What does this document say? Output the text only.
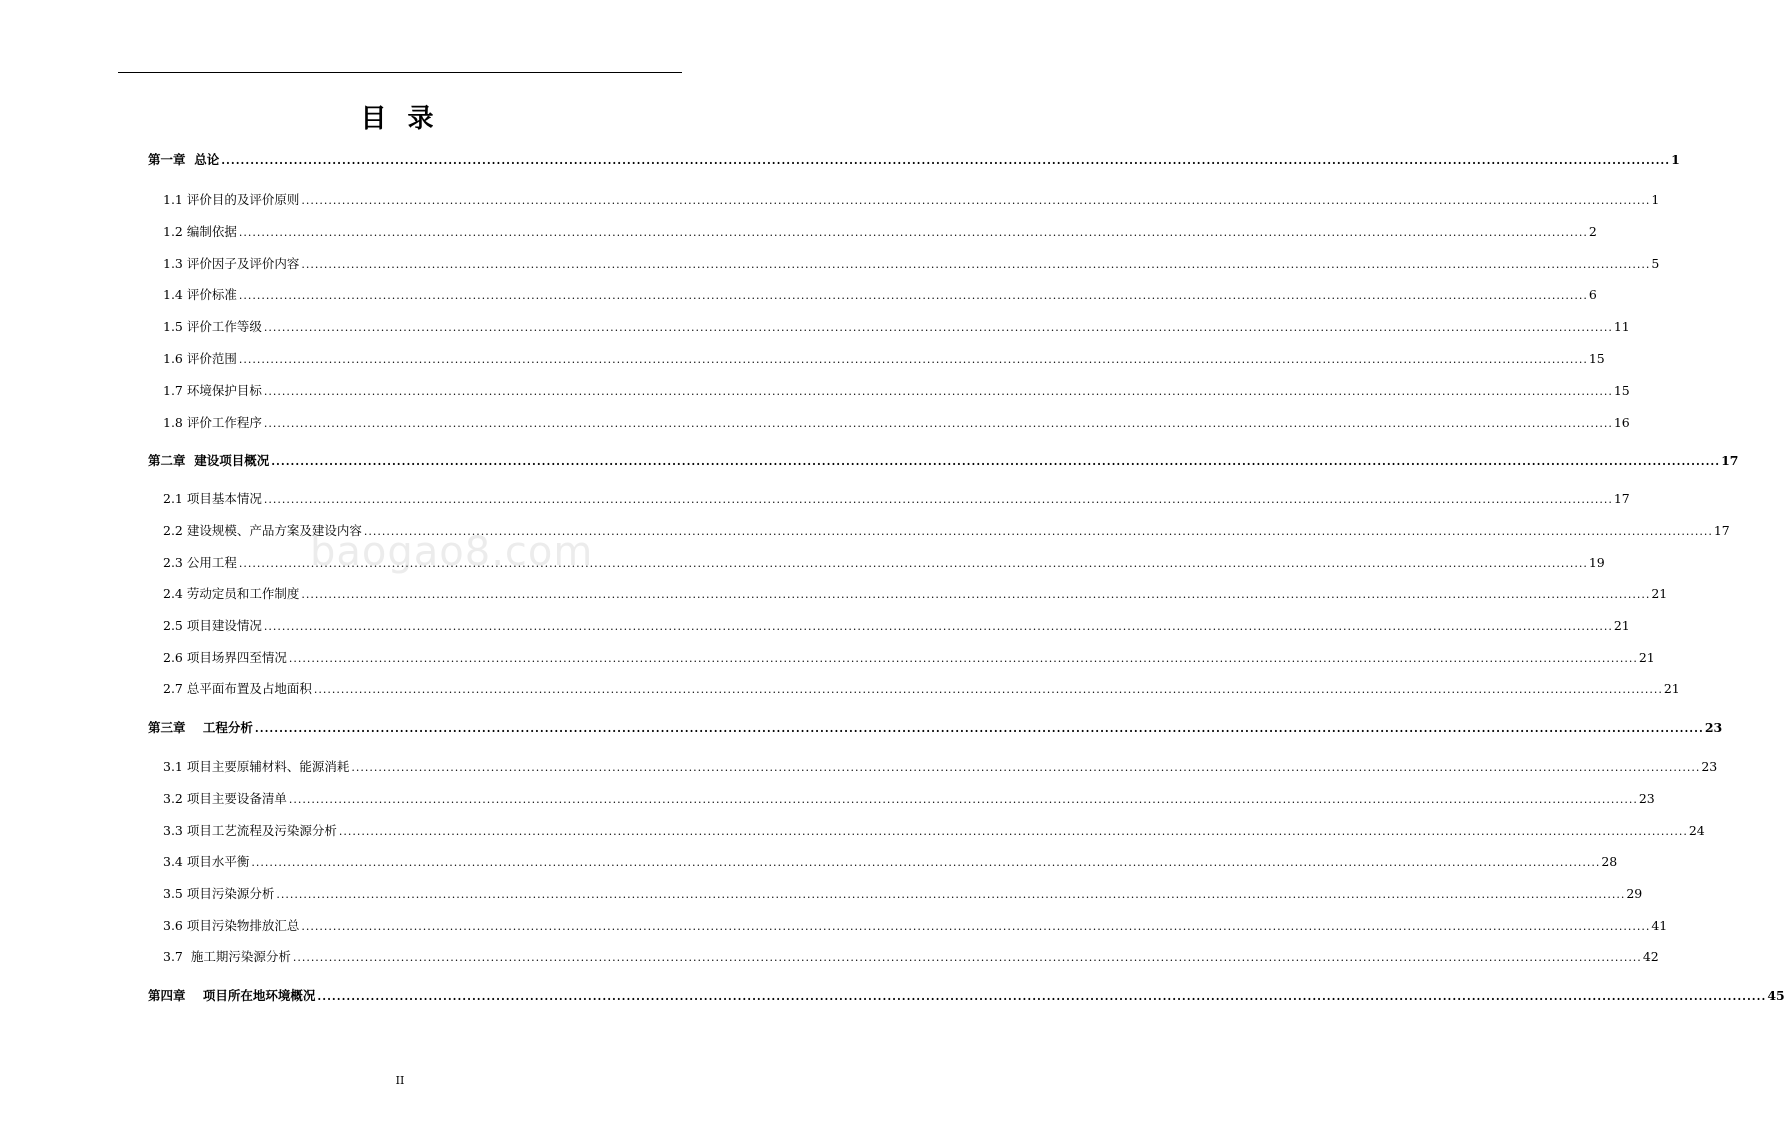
目 录
第一章  总论 ............................................................................................................................................................................................................................................................................................................ 1
1.1 评价目的及评价原则 ............................................................................................................................................................................................................................................................................................................ 1
1.2 编制依据 ............................................................................................................................................................................................................................................................................................................ 2
1.3 评价因子及评价内容 ............................................................................................................................................................................................................................................................................................................ 5
1.4 评价标准 ............................................................................................................................................................................................................................................................................................................ 6
1.5 评价工作等级 ............................................................................................................................................................................................................................................................................................................ 11
1.6 评价范围 ............................................................................................................................................................................................................................................................................................................ 15
1.7 环境保护目标 ............................................................................................................................................................................................................................................................................................................ 15
1.8 评价工作程序 ............................................................................................................................................................................................................................................................................................................ 16
第二章  建设项目概况 ............................................................................................................................................................................................................................................................................................................ 17
2.1 项目基本情况 ............................................................................................................................................................................................................................................................................................................ 17
2.2 建设规模、产品方案及建设内容 ............................................................................................................................................................................................................................................................................................................ 17
2.3 公用工程 ............................................................................................................................................................................................................................................................................................................ 19
2.4 劳动定员和工作制度 ............................................................................................................................................................................................................................................................................................................ 21
2.5 项目建设情况 ............................................................................................................................................................................................................................................................................................................ 21
2.6 项目场界四至情况 ............................................................................................................................................................................................................................................................................................................ 21
2.7 总平面布置及占地面积 ............................................................................................................................................................................................................................................................................................................ 21
第三章    工程分析 ............................................................................................................................................................................................................................................................................................................ 23
3.1 项目主要原辅材料、能源消耗 ............................................................................................................................................................................................................................................................................................................ 23
3.2 项目主要设备清单 ............................................................................................................................................................................................................................................................................................................ 23
3.3 项目工艺流程及污染源分析 ............................................................................................................................................................................................................................................................................................................ 24
3.4 项目水平衡 ............................................................................................................................................................................................................................................................................................................ 28
3.5 项目污染源分析 ............................................................................................................................................................................................................................................................................................................ 29
3.6 项目污染物排放汇总 ............................................................................................................................................................................................................................................................................................................ 41
3.7  施工期污染源分析 ............................................................................................................................................................................................................................................................................................................ 42
第四章    项目所在地环境概况 ............................................................................................................................................................................................................................................................................................................ 45
baogao8.com
II
